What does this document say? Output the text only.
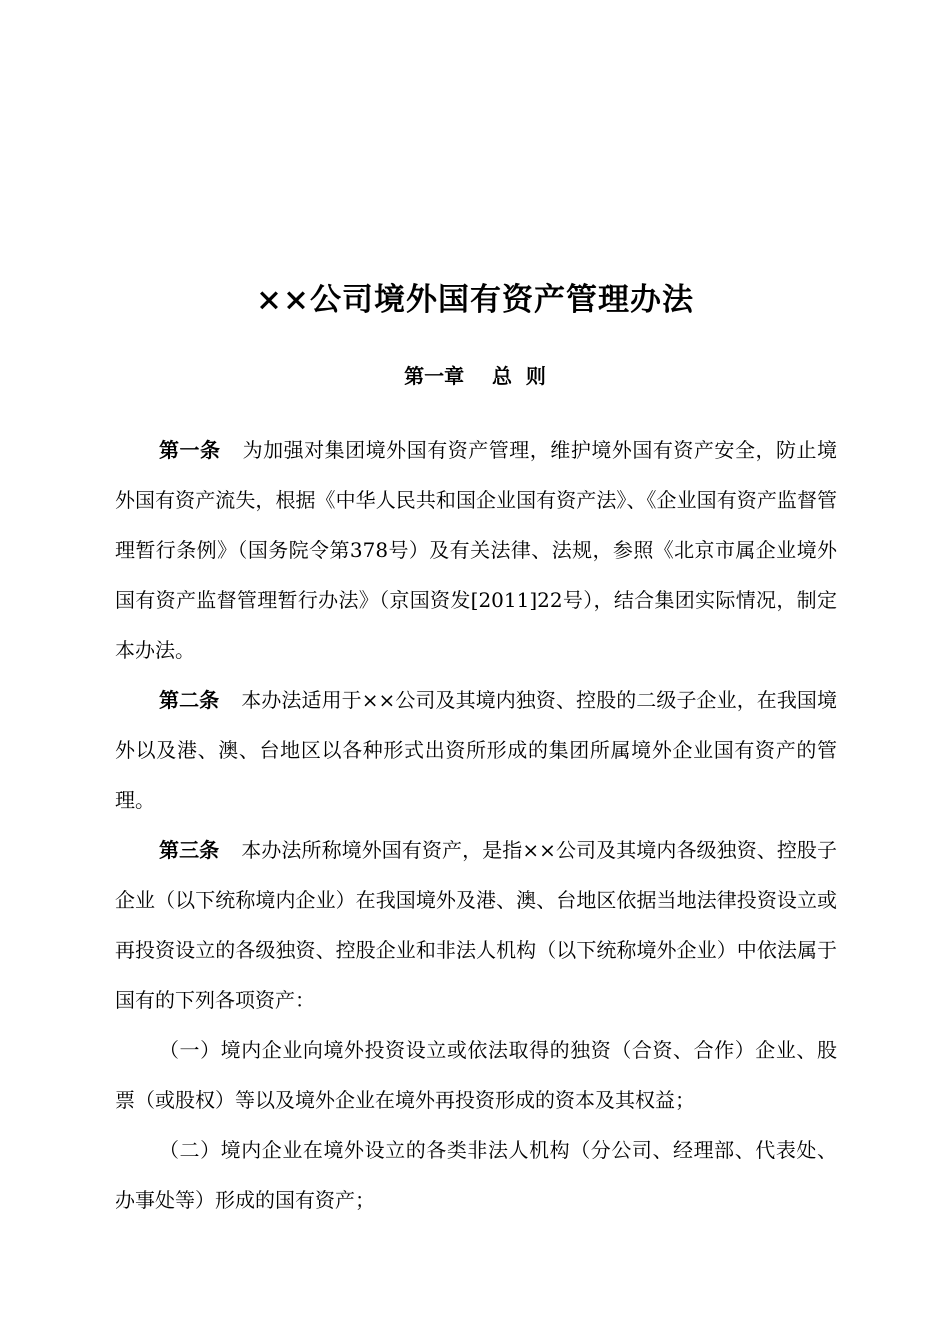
××公司境外国有资产管理办法
第一章    总  则

第一条 为加强对集团境外国有资产管理，维护境外国有资产安全，防止境外国有资产流失，根据《中华人民共和国企业国有资产法》、《企业国有资产监督管理暂行条例》（国务院令第378号）及有关法律、法规，参照《北京市属企业境外国有资产监督管理暂行办法》（京国资发[2011]22号），结合集团实际情况，制定本办法。

第二条 本办法适用于××公司及其境内独资、控股的二级子企业，在我国境外以及港、澳、台地区以各种形式出资所形成的集团所属境外企业国有资产的管理。

第三条 本办法所称境外国有资产，是指××公司及其境内各级独资、控股子企业（以下统称境内企业）在我国境外及港、澳、台地区依据当地法律投资设立或再投资设立的各级独资、控股企业和非法人机构（以下统称境外企业）中依法属于国有的下列各项资产：

（一）境内企业向境外投资设立或依法取得的独资（合资、合作）企业、股票（或股权）等以及境外企业在境外再投资形成的资本及其权益；

（二）境内企业在境外设立的各类非法人机构（分公司、经理部、代表处、办事处等）形成的国有资产；
